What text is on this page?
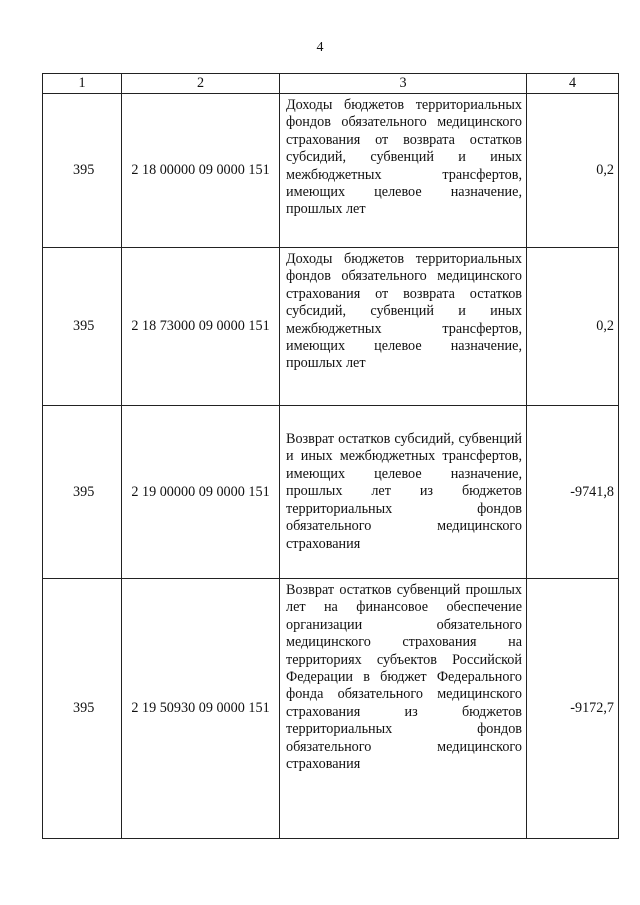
4
1	2	3	4
395	2 18 00000 09 0000 151	Доходы бюджетов территориальных фондов обязательного медицинского страхования от возврата остатков субсидий, субвенций и иных межбюджетных трансфертов, имеющих целевое назначение, прошлых лет	0,2
395	2 18 73000 09 0000 151	Доходы бюджетов территориальных фондов обязательного медицинского страхования от возврата остатков субсидий, субвенций и иных межбюджетных трансфертов, имеющих целевое назначение, прошлых лет	0,2
395	2 19 00000 09 0000 151	Возврат остатков субсидий, субвенций и иных межбюджетных трансфертов, имеющих целевое назначение, прошлых лет из бюджетов территориальных фондов обязательного медицинского страхования	-9741,8
395	2 19 50930 09 0000 151	Возврат остатков субвенций прошлых лет на финансовое обеспечение организации обязательного медицинского страхования на территориях субъектов Российской Федерации в бюджет Федерального фонда обязательного медицинского страхования из бюджетов территориальных фондов обязательного медицинского страхования	-9172,7
